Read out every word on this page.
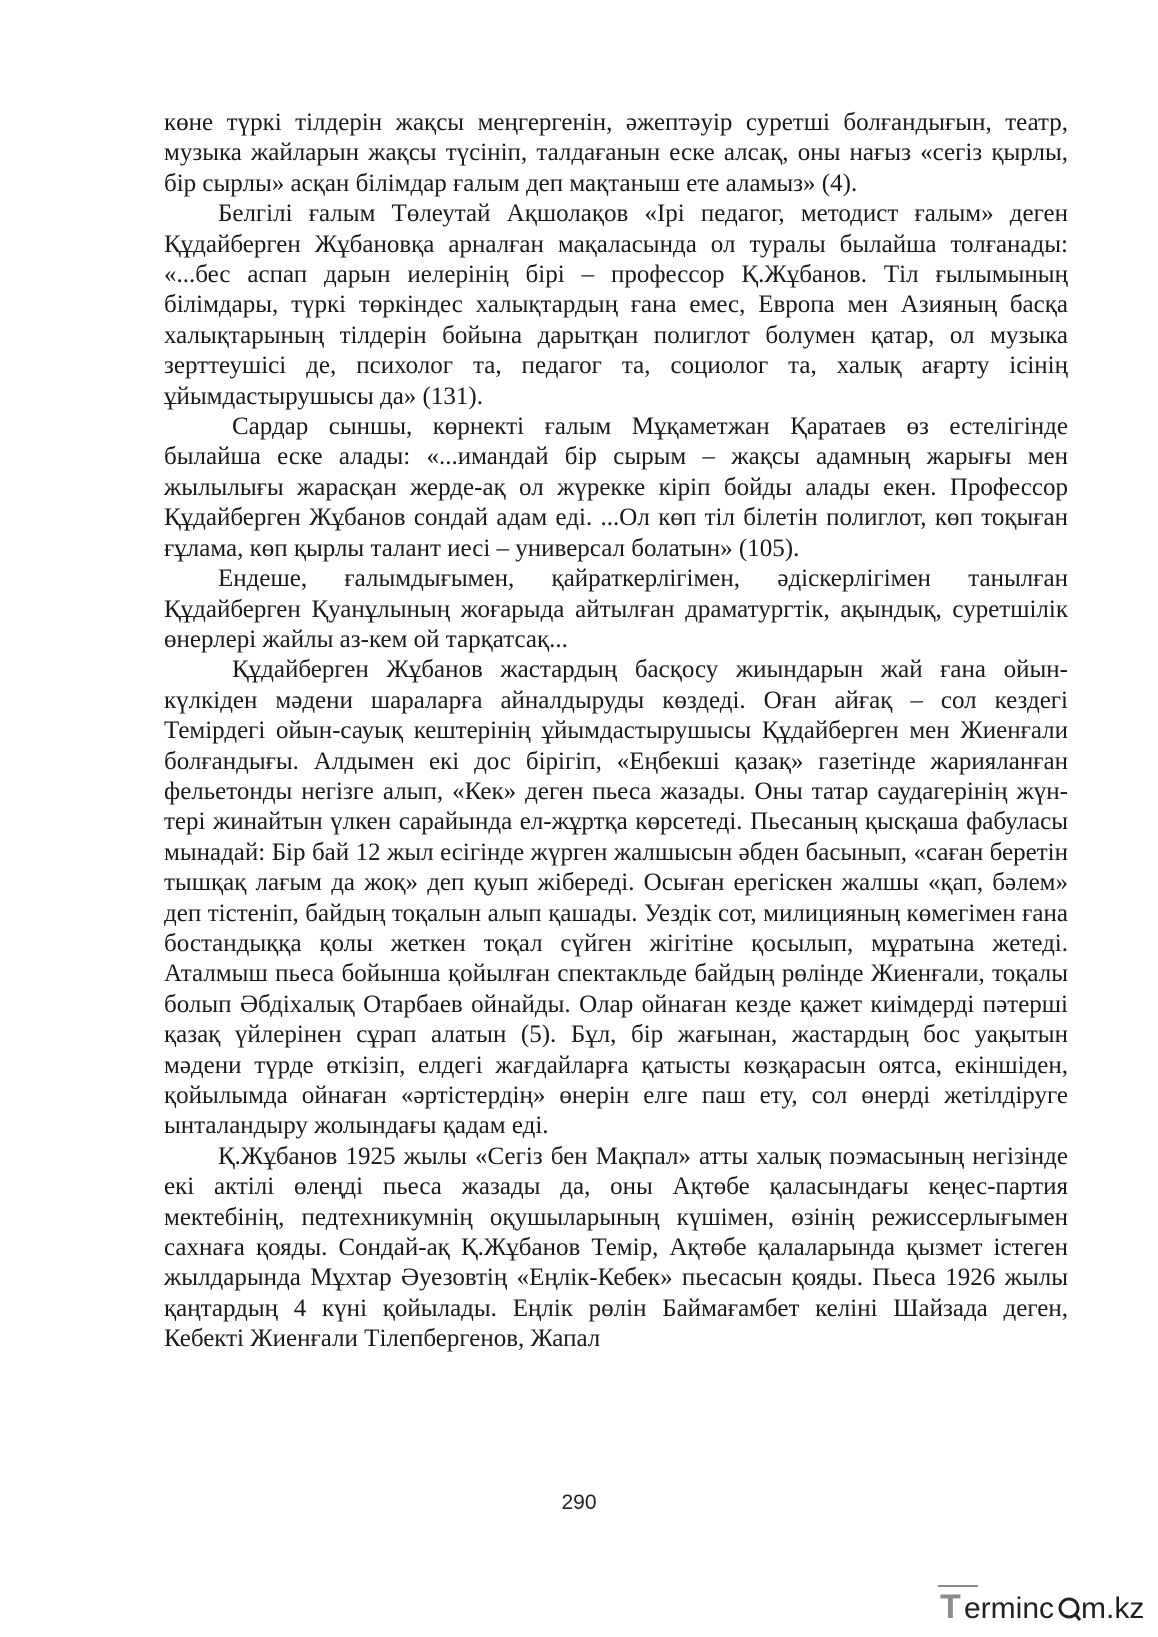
көне түркі тілдерін жақсы меңгергенін, әжептәуір суретші болғандығын, театр, музыка жайларын жақсы түсініп, талдағанын еске алсақ, оны нағыз «сегіз қырлы, бір сырлы» асқан білімдар ғалым деп мақтаныш ете аламыз» (4).

Белгілі ғалым Төлеутай Ақшолақов «Ірі педагог, методист ғалым» деген Құдайберген Жұбановқа арналған мақаласында ол туралы былайша толғанады: «...бес аспап дарын иелерінің бірі – профессор Қ.Жұбанов. Тіл ғылымының білімдары, түркі төркіндес халықтардың ғана емес, Европа мен Азияның басқа халықтарының тілдерін бойына дарытқан полиглот болумен қатар, ол музыка зерттеушісі де, психолог та, педагог та, социолог та, халық ағарту ісінің ұйымдастырушысы да» (131).

Сардар сыншы, көрнекті ғалым Мұқаметжан Қаратаев өз естелігінде былайша еске алады: «...имандай бір сырым – жақсы адамның жарығы мен жылылығы жарасқан жерде-ақ ол жүрекке кіріп бойды алады екен. Профессор Құдайберген Жұбанов сондай адам еді. ...Ол көп тіл білетін полиглот, көп тоқыған ғұлама, көп қырлы талант иесі – универсал болатын» (105).

Ендеше, ғалымдығымен, қайраткерлігімен, әдіскерлігімен танылған Құдайберген Қуанұлының жоғарыда айтылған драматургтік, ақындық, суретшілік өнерлері жайлы аз-кем ой тарқатсақ...

Құдайберген Жұбанов жастардың басқосу жиындарын жай ғана ойын-күлкіден мәдени шараларға айналдыруды көздеді. Оған айғақ – сол кездегі Темірдегі ойын-сауық кештерінің ұйымдастырушысы Құдайберген мен Жиенғали болғандығы. Алдымен екі дос бірігіп, «Еңбекші қазақ» газетінде жарияланған фельетонды негізге алып, «Кек» деген пьеса жазады. Оны татар саудагерінің жүн-тері жинайтын үлкен сарайында ел-жұртқа көрсетеді. Пьесаның қысқаша фабуласы мынадай: Бір бай 12 жыл есігінде жүрген жалшысын әбден басынып, «саған беретін тышқақ лағым да жоқ» деп қуып жібереді. Осыған ерегіскен жалшы «қап, бәлем» деп тістеніп, байдың тоқалын алып қашады. Уездік сот, милицияның көмегімен ғана бостандыққа қолы жеткен тоқал сүйген жігітіне қосылып, мұратына жетеді. Аталмыш пьеса бойынша қойылған спектакльде байдың рөлінде Жиенғали, тоқалы болып Әбдіхалық Отарбаев ойнайды. Олар ойнаған кезде қажет киімдерді пәтерші қазақ үйлерінен сұрап алатын (5). Бұл, бір жағынан, жастардың бос уақытын мәдени түрде өткізіп, елдегі жағдайларға қатысты көзқарасын оятса, екіншіден, қойылымда ойнаған «әртістердің» өнерін елге паш ету, сол өнерді жетілдіруге ынталандыру жолындағы қадам еді.

Қ.Жұбанов 1925 жылы «Сегіз бен Мақпал» атты халық поэмасының негізінде екі актілі өлеңді пьеса жазады да, оны Ақтөбе қаласындағы кеңес-партия мектебінің, педтехникумнің оқушыларының күшімен, өзінің режиссерлығымен сахнаға қояды. Сондай-ақ Қ.Жұбанов Темір, Ақтөбе қалаларында қызмет істеген жылдарында Мұхтар Әуезовтің «Еңлік-Кебек» пьесасын қояды. Пьеса 1926 жылы қаңтардың 4 күні қойылады. Еңлік рөлін Баймағамбет келіні Шайзада деген, Кебекті Жиенғали Тілепбергенов, Жапал

290
T erminc m.kz
